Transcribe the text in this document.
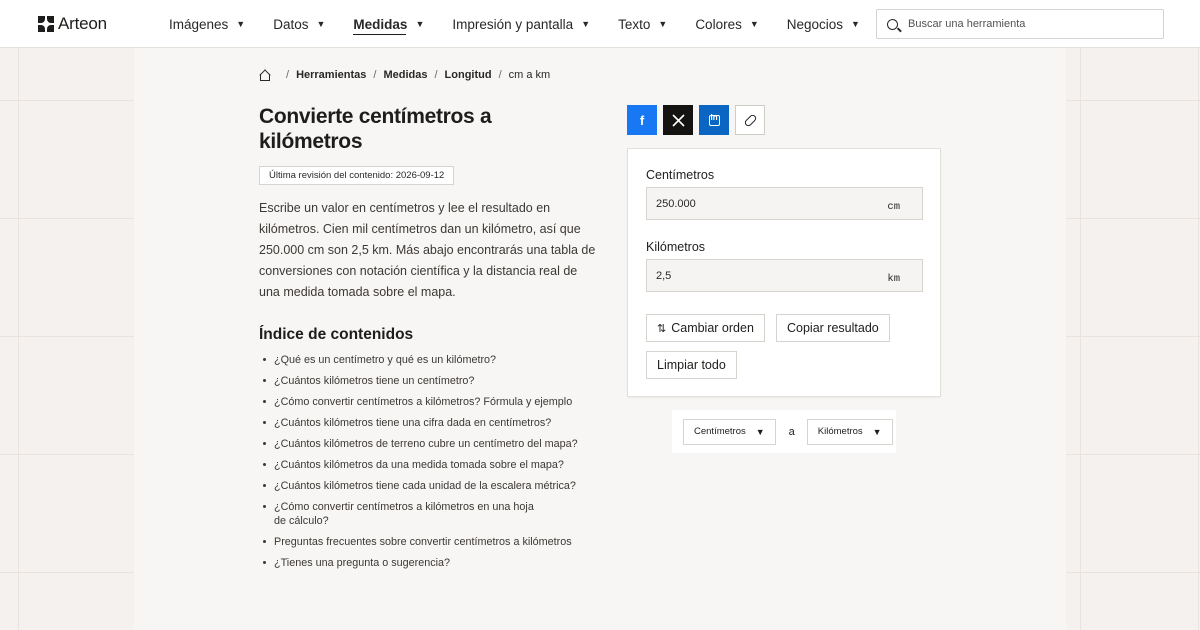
Arteon	Imágenes ▼ Datos ▼ Medidas ▼ Impresión y pantalla ▼ Texto ▼ Colores ▼ Negocios ▼
Buscar una herramienta
/ Herramientas / Medidas / Longitud / cm a km
Convierte centímetros a kilómetros
Última revisión del contenido: 2026-09-12

Escribe un valor en centímetros y lee el resultado en kilómetros. Cien mil centímetros dan un kilómetro, así que 250.000 cm son 2,5 km. Más abajo encontrarás una tabla de conversiones con notación científica y la distancia real de una medida tomada sobre el mapa.

Índice de contenidos
¿Qué es un centímetro y qué es un kilómetro?
¿Cuántos kilómetros tiene un centímetro?
¿Cómo convertir centímetros a kilómetros? Fórmula y ejemplo
¿Cuántos kilómetros tiene una cifra dada en centímetros?
¿Cuántos kilómetros de terreno cubre un centímetro del mapa?
¿Cuántos kilómetros da una medida tomada sobre el mapa?
¿Cuántos kilómetros tiene cada unidad de la escalera métrica?
¿Cómo convertir centímetros a kilómetros en una hoja de cálculo?
Preguntas frecuentes sobre convertir centímetros a kilómetros
¿Tienes una pregunta o sugerencia?
f
in
Centímetros
250.000
cm
Kilómetros
2,5
km
⇅ Cambiar orden	Copiar resultado
Limpiar todo
Centímetros ▼ a Kilómetros ▼
